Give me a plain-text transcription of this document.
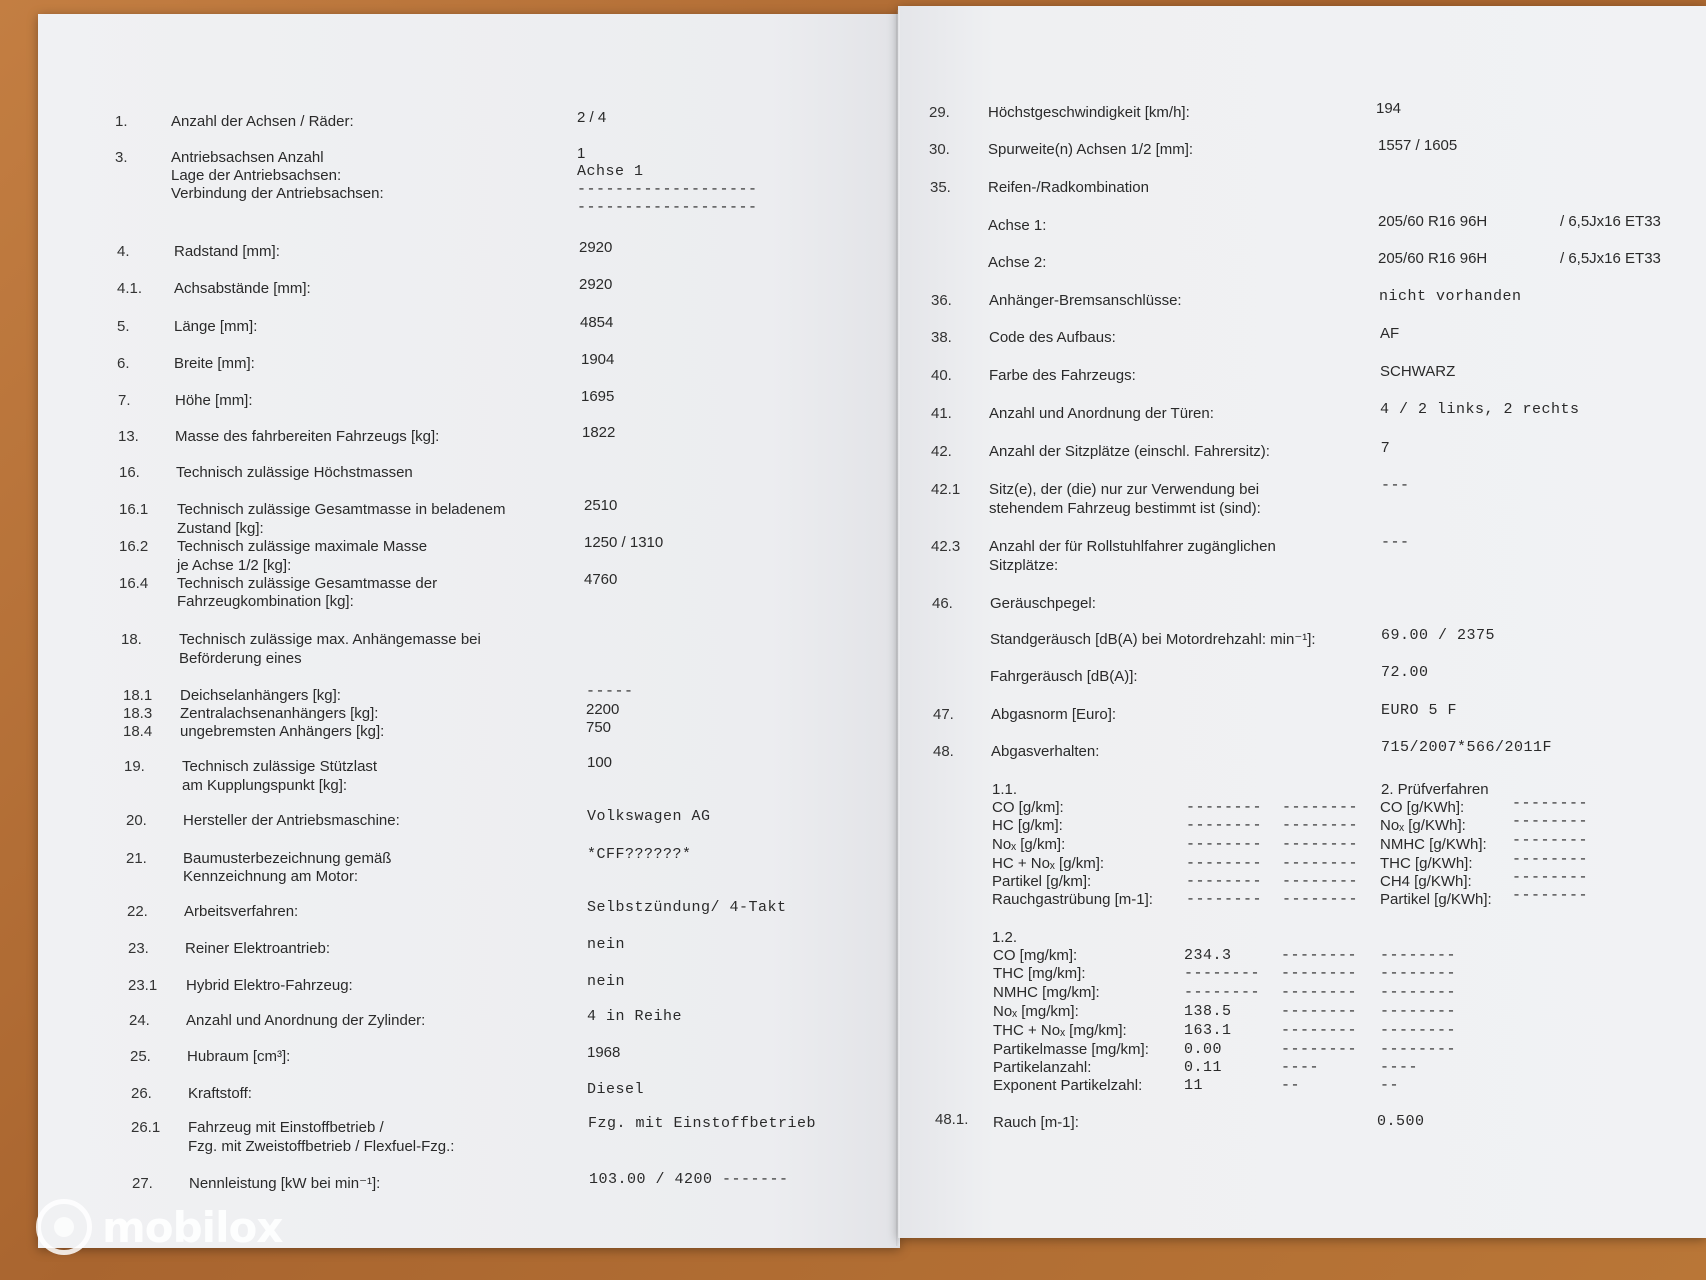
1.	Anzahl der Achsen / Räder:	2 / 4
3.	Antriebsachsen Anzahl	1
Lage der Antriebsachsen:	Achse 1
Verbindung der Antriebsachsen:	-------------------
-------------------
4.	Radstand [mm]:	2920
4.1. Achsabstände [mm]:	2920
5.	Länge [mm]:	4854
6.	Breite [mm]:	1904
7.	Höhe [mm]:	1695
13. Masse des fahrbereiten Fahrzeugs [kg]:	1822
16. Technisch zulässige Höchstmassen
16.1 Technisch zulässige Gesamtmasse in beladenem	2510
Zustand [kg]:
16.2 Technisch zulässige maximale Masse	1250 / 1310
je Achse 1/2 [kg]:
16.4 Technisch zulässige Gesamtmasse der	4760
Fahrzeugkombination [kg]:
18. Technisch zulässige max. Anhängemasse bei
Beförderung eines
18.1 Deichselanhängers [kg]:	-----
18.3 Zentralachsenanhängers [kg]:	2200
18.4 ungebremsten Anhängers [kg]:	750
19. Technisch zulässige Stützlast	100
am Kupplungspunkt [kg]:
20. Hersteller der Antriebsmaschine:	Volkswagen AG
21. Baumusterbezeichnung gemäß	*CFF??????*
Kennzeichnung am Motor:
22. Arbeitsverfahren:	Selbstzündung/ 4-Takt
23. Reiner Elektroantrieb:	nein
23.1 Hybrid Elektro-Fahrzeug:	nein
24. Anzahl und Anordnung der Zylinder:	4 in Reihe
25. Hubraum [cm³]:	1968
26. Kraftstoff:	Diesel
26.1 Fahrzeug mit Einstoffbetrieb /	Fzg. mit Einstoffbetrieb
Fzg. mit Zweistoffbetrieb / Flexfuel-Fzg.:
27. Nennleistung [kW bei min⁻¹]:	103.00 / 4200 -------
29.	Höchstgeschwindigkeit [km/h]:	194
30.	Spurweite(n) Achsen 1/2 [mm]:	1557 / 1605
35. Reifen-/Radkombination
Achse 1:	205/60 R16 96H	/ 6,5Jx16 ET33
Achse 2:	205/60 R16 96H	/ 6,5Jx16 ET33
36. Anhänger-Bremsanschlüsse:	nicht vorhanden
38. Code des Aufbaus:	AF
40. Farbe des Fahrzeugs:	SCHWARZ
41. Anzahl und Anordnung der Türen:	4 / 2 links, 2 rechts
42. Anzahl der Sitzplätze (einschl. Fahrersitz):	7
42.1 Sitz(e), der (die) nur zur Verwendung bei	---
stehendem Fahrzeug bestimmt ist (sind):
42.3 Anzahl der für Rollstuhlfahrer zugänglichen	---
Sitzplätze:
46. Geräuschpegel:
Standgeräusch [dB(A) bei Motordrehzahl: min⁻¹]:	69.00 / 2375
Fahrgeräusch [dB(A)]:	72.00
47. Abgasnorm [Euro]:	EURO 5 F
48. Abgasverhalten:	715/2007*566/2011F
1.1.	2. Prüfverfahren
CO [g/km]:	-------- -------- CO [g/KWh]:	--------
HC [g/km]:	-------- -------- Noₓ [g/KWh]:	--------
Noₓ [g/km]:	-------- -------- NMHC [g/KWh]: --------
HC + Noₓ [g/km]:	-------- -------- THC [g/KWh]:	--------
Partikel [g/km]:	-------- -------- CH4 [g/KWh]:	--------
Rauchgastrübung [m-1]: -------- -------- Partikel [g/KWh]: --------
1.2.
CO [mg/km]:	234.3	-------- --------
THC [mg/km]:	-------- -------- --------
NMHC [mg/km]:	-------- -------- --------
Noₓ [mg/km]:	138.5	-------- --------
THC + Noₓ [mg/km]:	163.1	-------- --------
Partikelmasse [mg/km]: 0.00	-------- --------
Partikelanzahl:	0.11	----	----
Exponent Partikelzahl:	11	--	--
48.1. Rauch [m-1]:	0.500
mobilox
